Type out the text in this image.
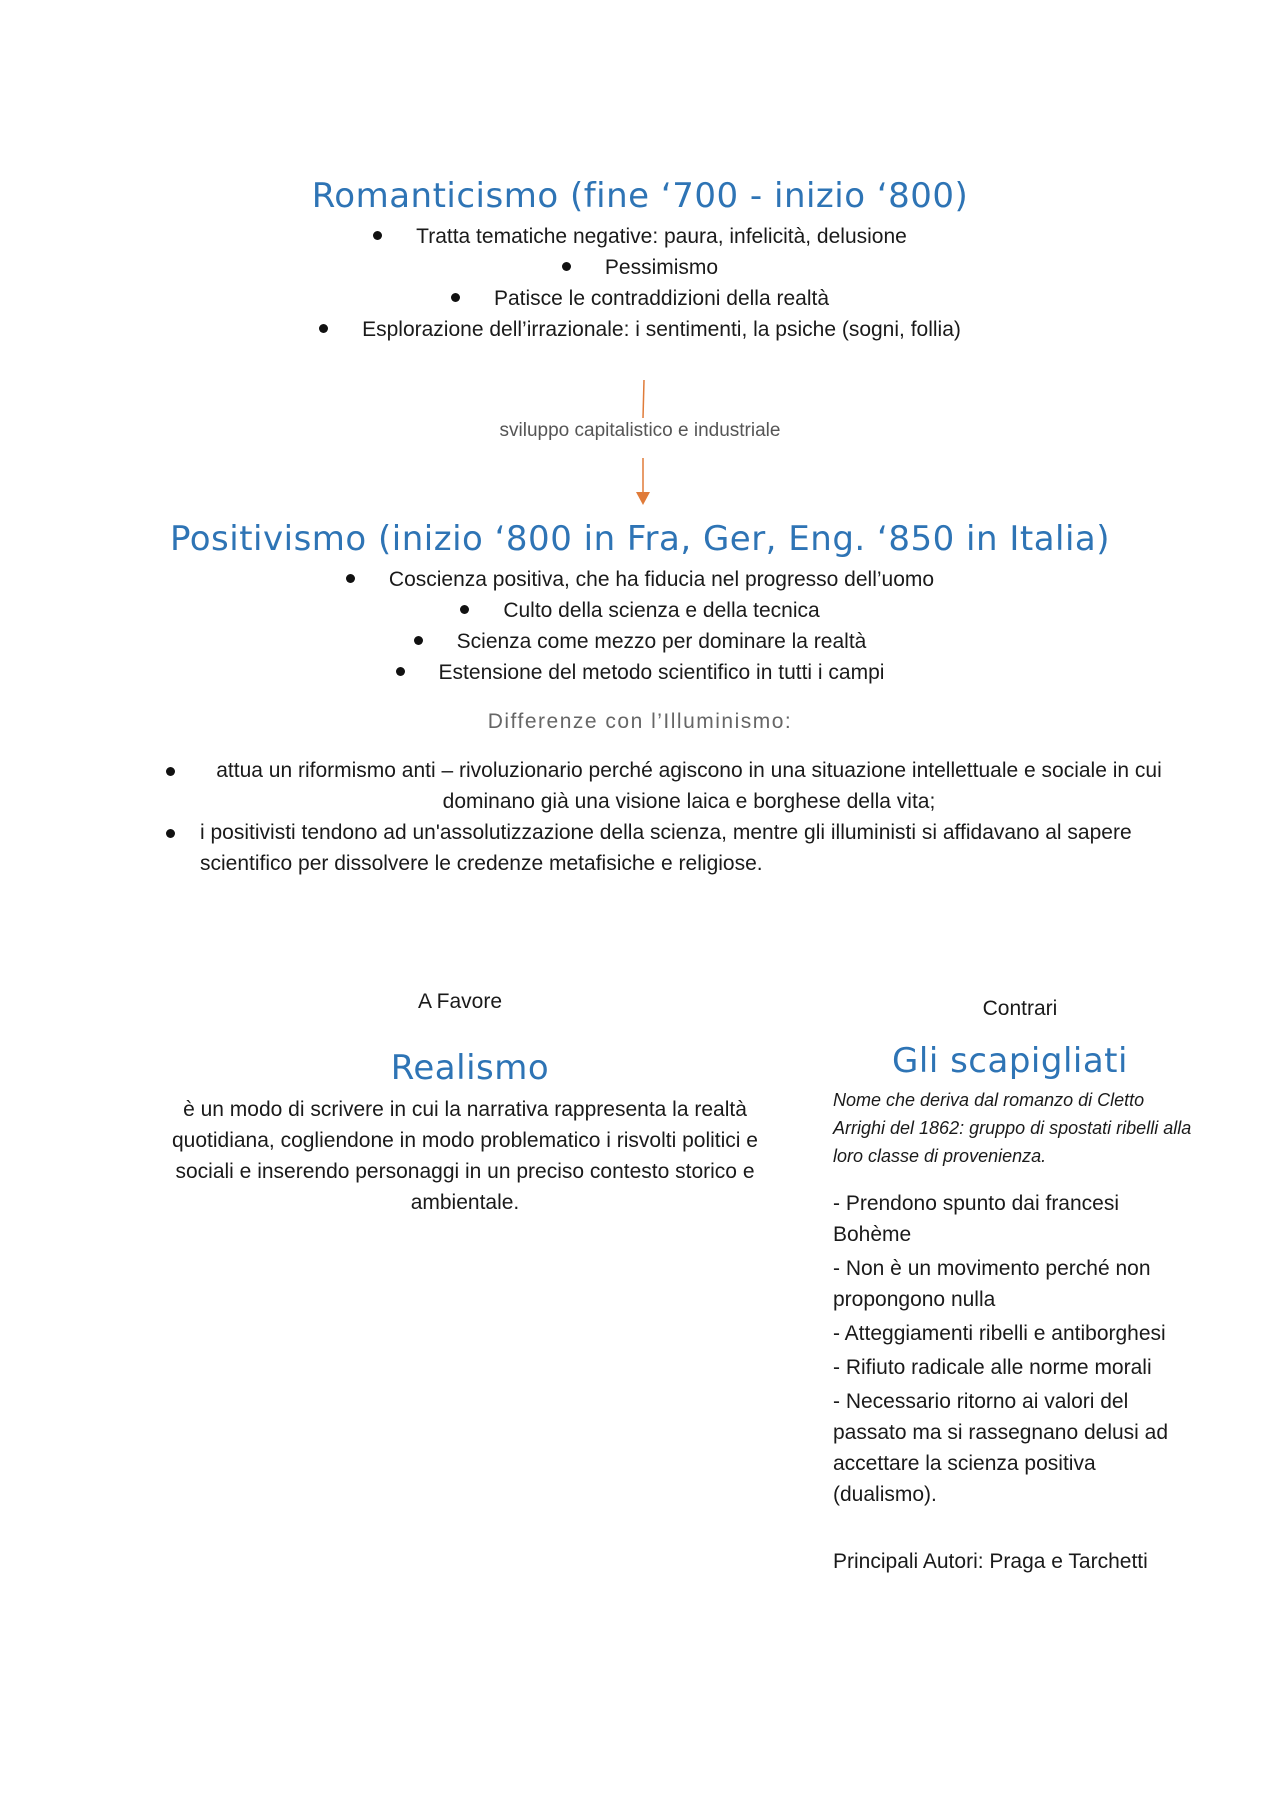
Romanticismo (fine ‘700 - inizio ‘800)
Tratta tematiche negative: paura, infelicità, delusione
Pessimismo
Patisce le contraddizioni della realtà
Esplorazione dell’irrazionale: i sentimenti, la psiche (sogni, follia)
sviluppo capitalistico e industriale
Positivismo (inizio ‘800 in Fra, Ger, Eng. ‘850 in Italia)
Coscienza positiva, che ha fiducia nel progresso dell’uomo
Culto della scienza e della tecnica
Scienza come mezzo per dominare la realtà
Estensione del metodo scientifico in tutti i campi
Differenze con l’Illuminismo:
attua un riformismo anti – rivoluzionario perché agiscono in una situazione intellettuale e sociale in cui dominano già una visione laica e borghese della vita;
i positivisti tendono ad un'assolutizzazione della scienza, mentre gli illuministi si affidavano al sapere scientifico per dissolvere le credenze metafisiche e religiose.
A Favore
Realismo
è un modo di scrivere in cui la narrativa rappresenta la realtà quotidiana, cogliendone in modo problematico i risvolti politici e sociali e inserendo personaggi in un preciso contesto storico e ambientale.
Contrari
Gli scapigliati
Nome che deriva dal romanzo di Cletto Arrighi del 1862: gruppo di spostati ribelli alla loro classe di provenienza.
- Prendono spunto dai francesi Bohème
- Non è un movimento perché non propongono nulla
- Atteggiamenti ribelli e antiborghesi
- Rifiuto radicale alle norme morali
- Necessario ritorno ai valori del passato ma si rassegnano delusi ad accettare la scienza positiva (dualismo).
Principali Autori: Praga e Tarchetti
